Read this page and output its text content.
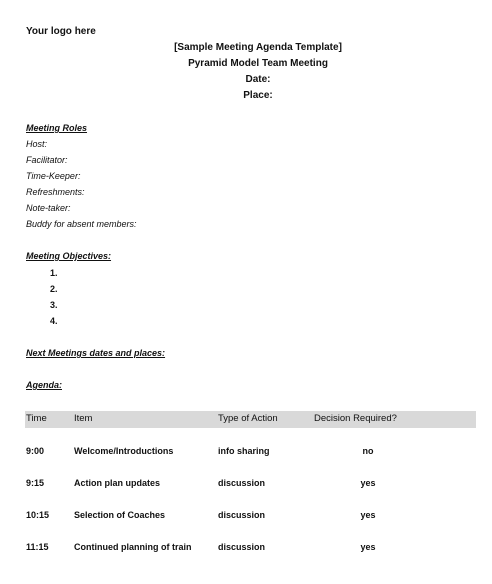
Your logo here
[Sample Meeting Agenda Template]
Pyramid Model Team Meeting
Date:
Place:
Meeting Roles
Host:
Facilitator:
Time-Keeper:
Refreshments:
Note-taker:
Buddy for absent members:
Meeting Objectives:
1.
2.
3.
4.
Next Meetings dates and places:
Agenda:
Time	Item	Type of Action	Decision Required?
9:00	Welcome/Introductions	info sharing	no
9:15	Action plan updates	discussion	yes
10:15	Selection of Coaches	discussion	yes
11:15	Continued planning of train	discussion	yes
